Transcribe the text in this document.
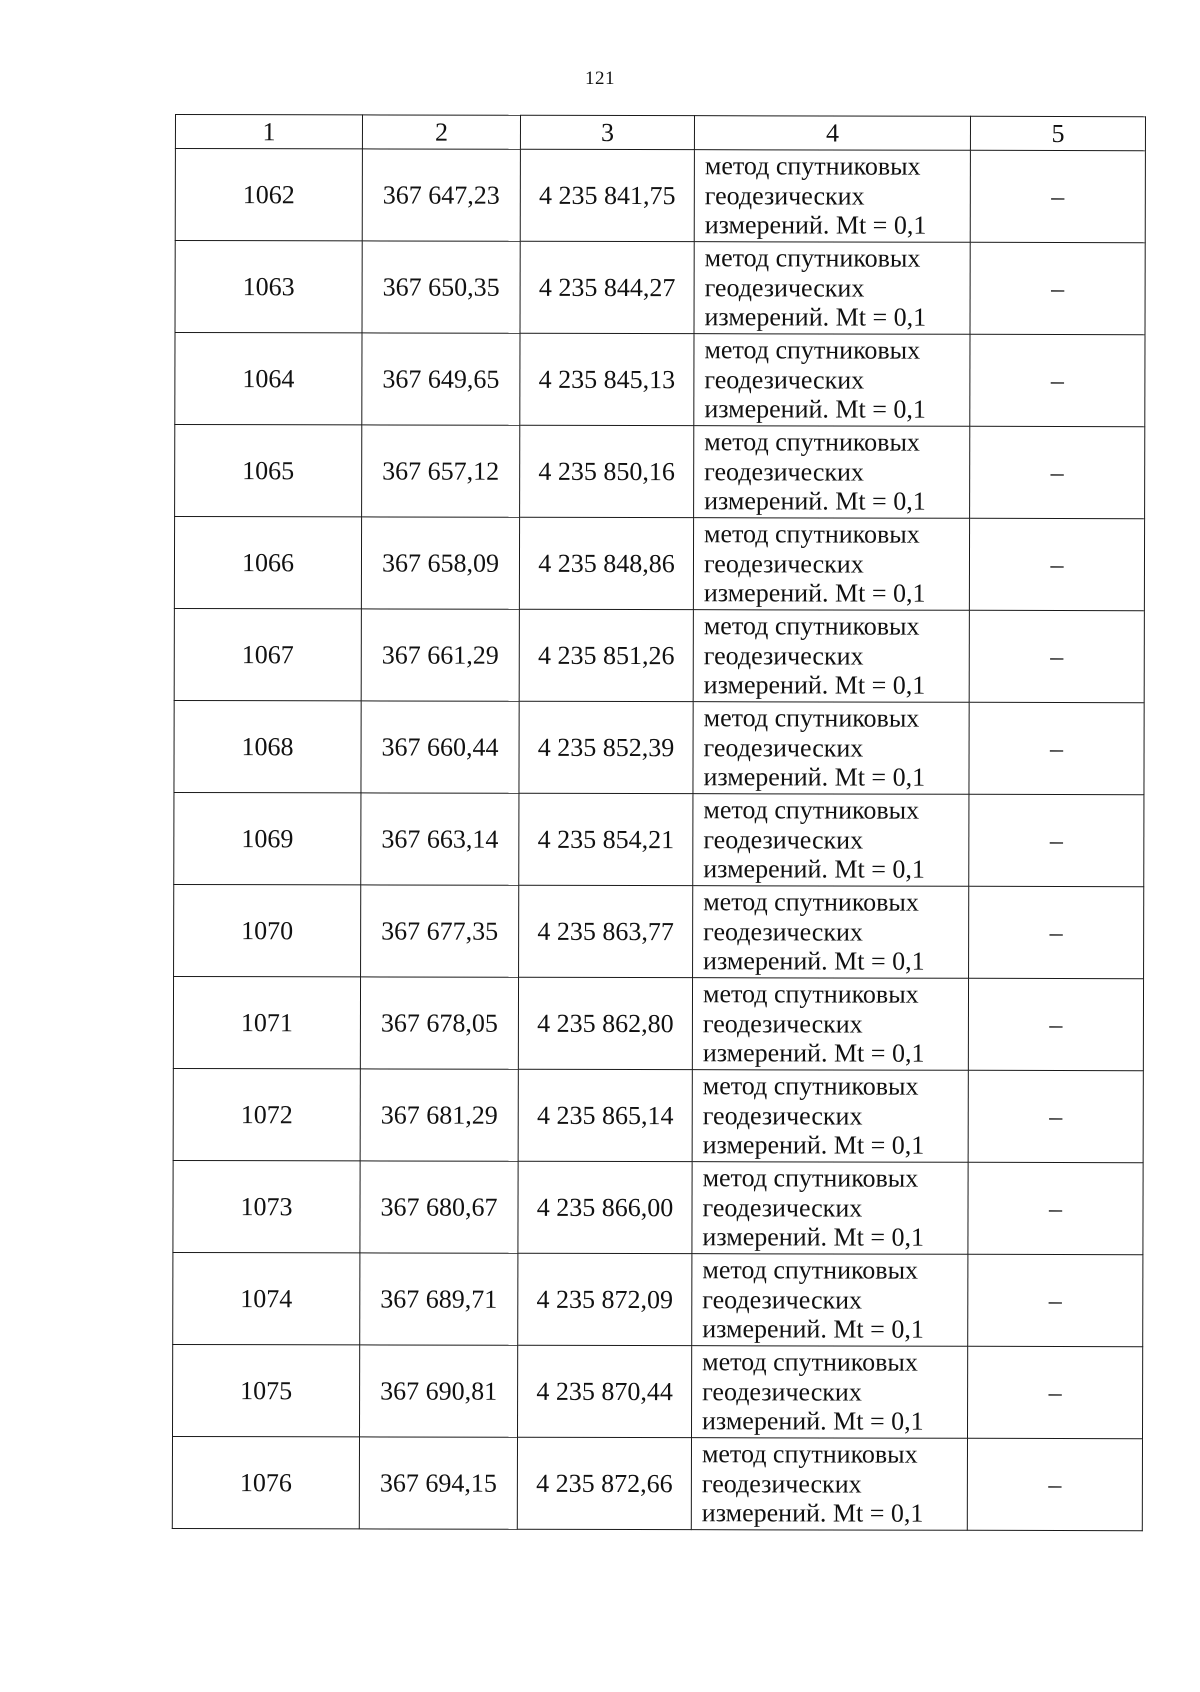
121
1	2	3	4	5
1062	367 647,23	4 235 841,75	метод спутниковых
геодезических
измерений. Mt = 0,1	–
1063	367 650,35	4 235 844,27	метод спутниковых
геодезических
измерений. Mt = 0,1	–
1064	367 649,65	4 235 845,13	метод спутниковых
геодезических
измерений. Mt = 0,1	–
1065	367 657,12	4 235 850,16	метод спутниковых
геодезических
измерений. Mt = 0,1	–
1066	367 658,09	4 235 848,86	метод спутниковых
геодезических
измерений. Mt = 0,1	–
1067	367 661,29	4 235 851,26	метод спутниковых
геодезических
измерений. Mt = 0,1	–
1068	367 660,44	4 235 852,39	метод спутниковых
геодезических
измерений. Mt = 0,1	–
1069	367 663,14	4 235 854,21	метод спутниковых
геодезических
измерений. Mt = 0,1	–
1070	367 677,35	4 235 863,77	метод спутниковых
геодезических
измерений. Mt = 0,1	–
1071	367 678,05	4 235 862,80	метод спутниковых
геодезических
измерений. Mt = 0,1	–
1072	367 681,29	4 235 865,14	метод спутниковых
геодезических
измерений. Mt = 0,1	–
1073	367 680,67	4 235 866,00	метод спутниковых
геодезических
измерений. Mt = 0,1	–
1074	367 689,71	4 235 872,09	метод спутниковых
геодезических
измерений. Mt = 0,1	–
1075	367 690,81	4 235 870,44	метод спутниковых
геодезических
измерений. Mt = 0,1	–
1076	367 694,15	4 235 872,66	метод спутниковых
геодезических
измерений. Mt = 0,1	–
